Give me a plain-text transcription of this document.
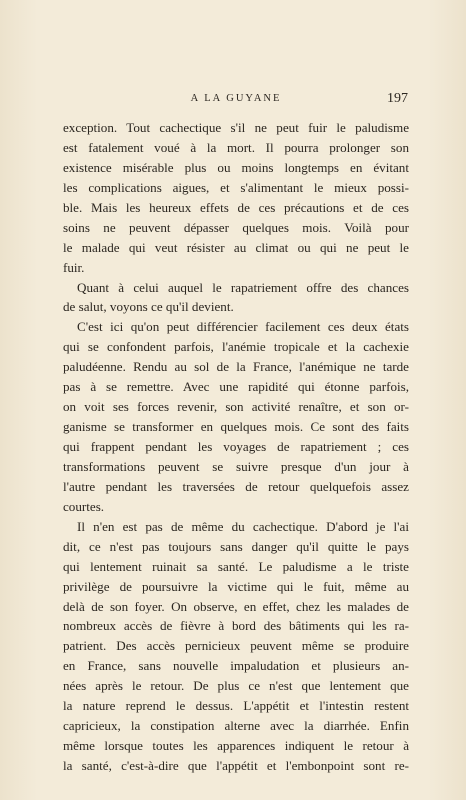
A LA GUYANE	197
exception. Tout cachectique s'il ne peut fuir le paludisme
est fatalement voué à la mort. Il pourra prolonger son
existence misérable plus ou moins longtemps en évitant
les complications aigues, et s'alimentant le mieux possi-
ble. Mais les heureux effets de ces précautions et de ces
soins ne peuvent dépasser quelques mois. Voilà pour
le malade qui veut résister au climat ou qui ne peut le
fuir.
Quant à celui auquel le rapatriement offre des chances
de salut, voyons ce qu'il devient.
C'est ici qu'on peut différencier facilement ces deux états
qui se confondent parfois, l'anémie tropicale et la cachexie
paludéenne. Rendu au sol de la France, l'anémique ne tarde
pas à se remettre. Avec une rapidité qui étonne parfois,
on voit ses forces revenir, son activité renaître, et son or-
ganisme se transformer en quelques mois. Ce sont des faits
qui frappent pendant les voyages de rapatriement ; ces
transformations peuvent se suivre presque d'un jour à
l'autre pendant les traversées de retour quelquefois assez
courtes.
Il n'en est pas de même du cachectique. D'abord je l'ai
dit, ce n'est pas toujours sans danger qu'il quitte le pays
qui lentement ruinait sa santé. Le paludisme a le triste
privilège de poursuivre la victime qui le fuit, même au
delà de son foyer. On observe, en effet, chez les malades de
nombreux accès de fièvre à bord des bâtiments qui les ra-
patrient. Des accès pernicieux peuvent même se produire
en France, sans nouvelle impaludation et plusieurs an-
nées après le retour. De plus ce n'est que lentement que
la nature reprend le dessus. L'appétit et l'intestin restent
capricieux, la constipation alterne avec la diarrhée. Enfin
même lorsque toutes les apparences indiquent le retour à
la santé, c'est-à-dire que l'appétit et l'embonpoint sont re-
